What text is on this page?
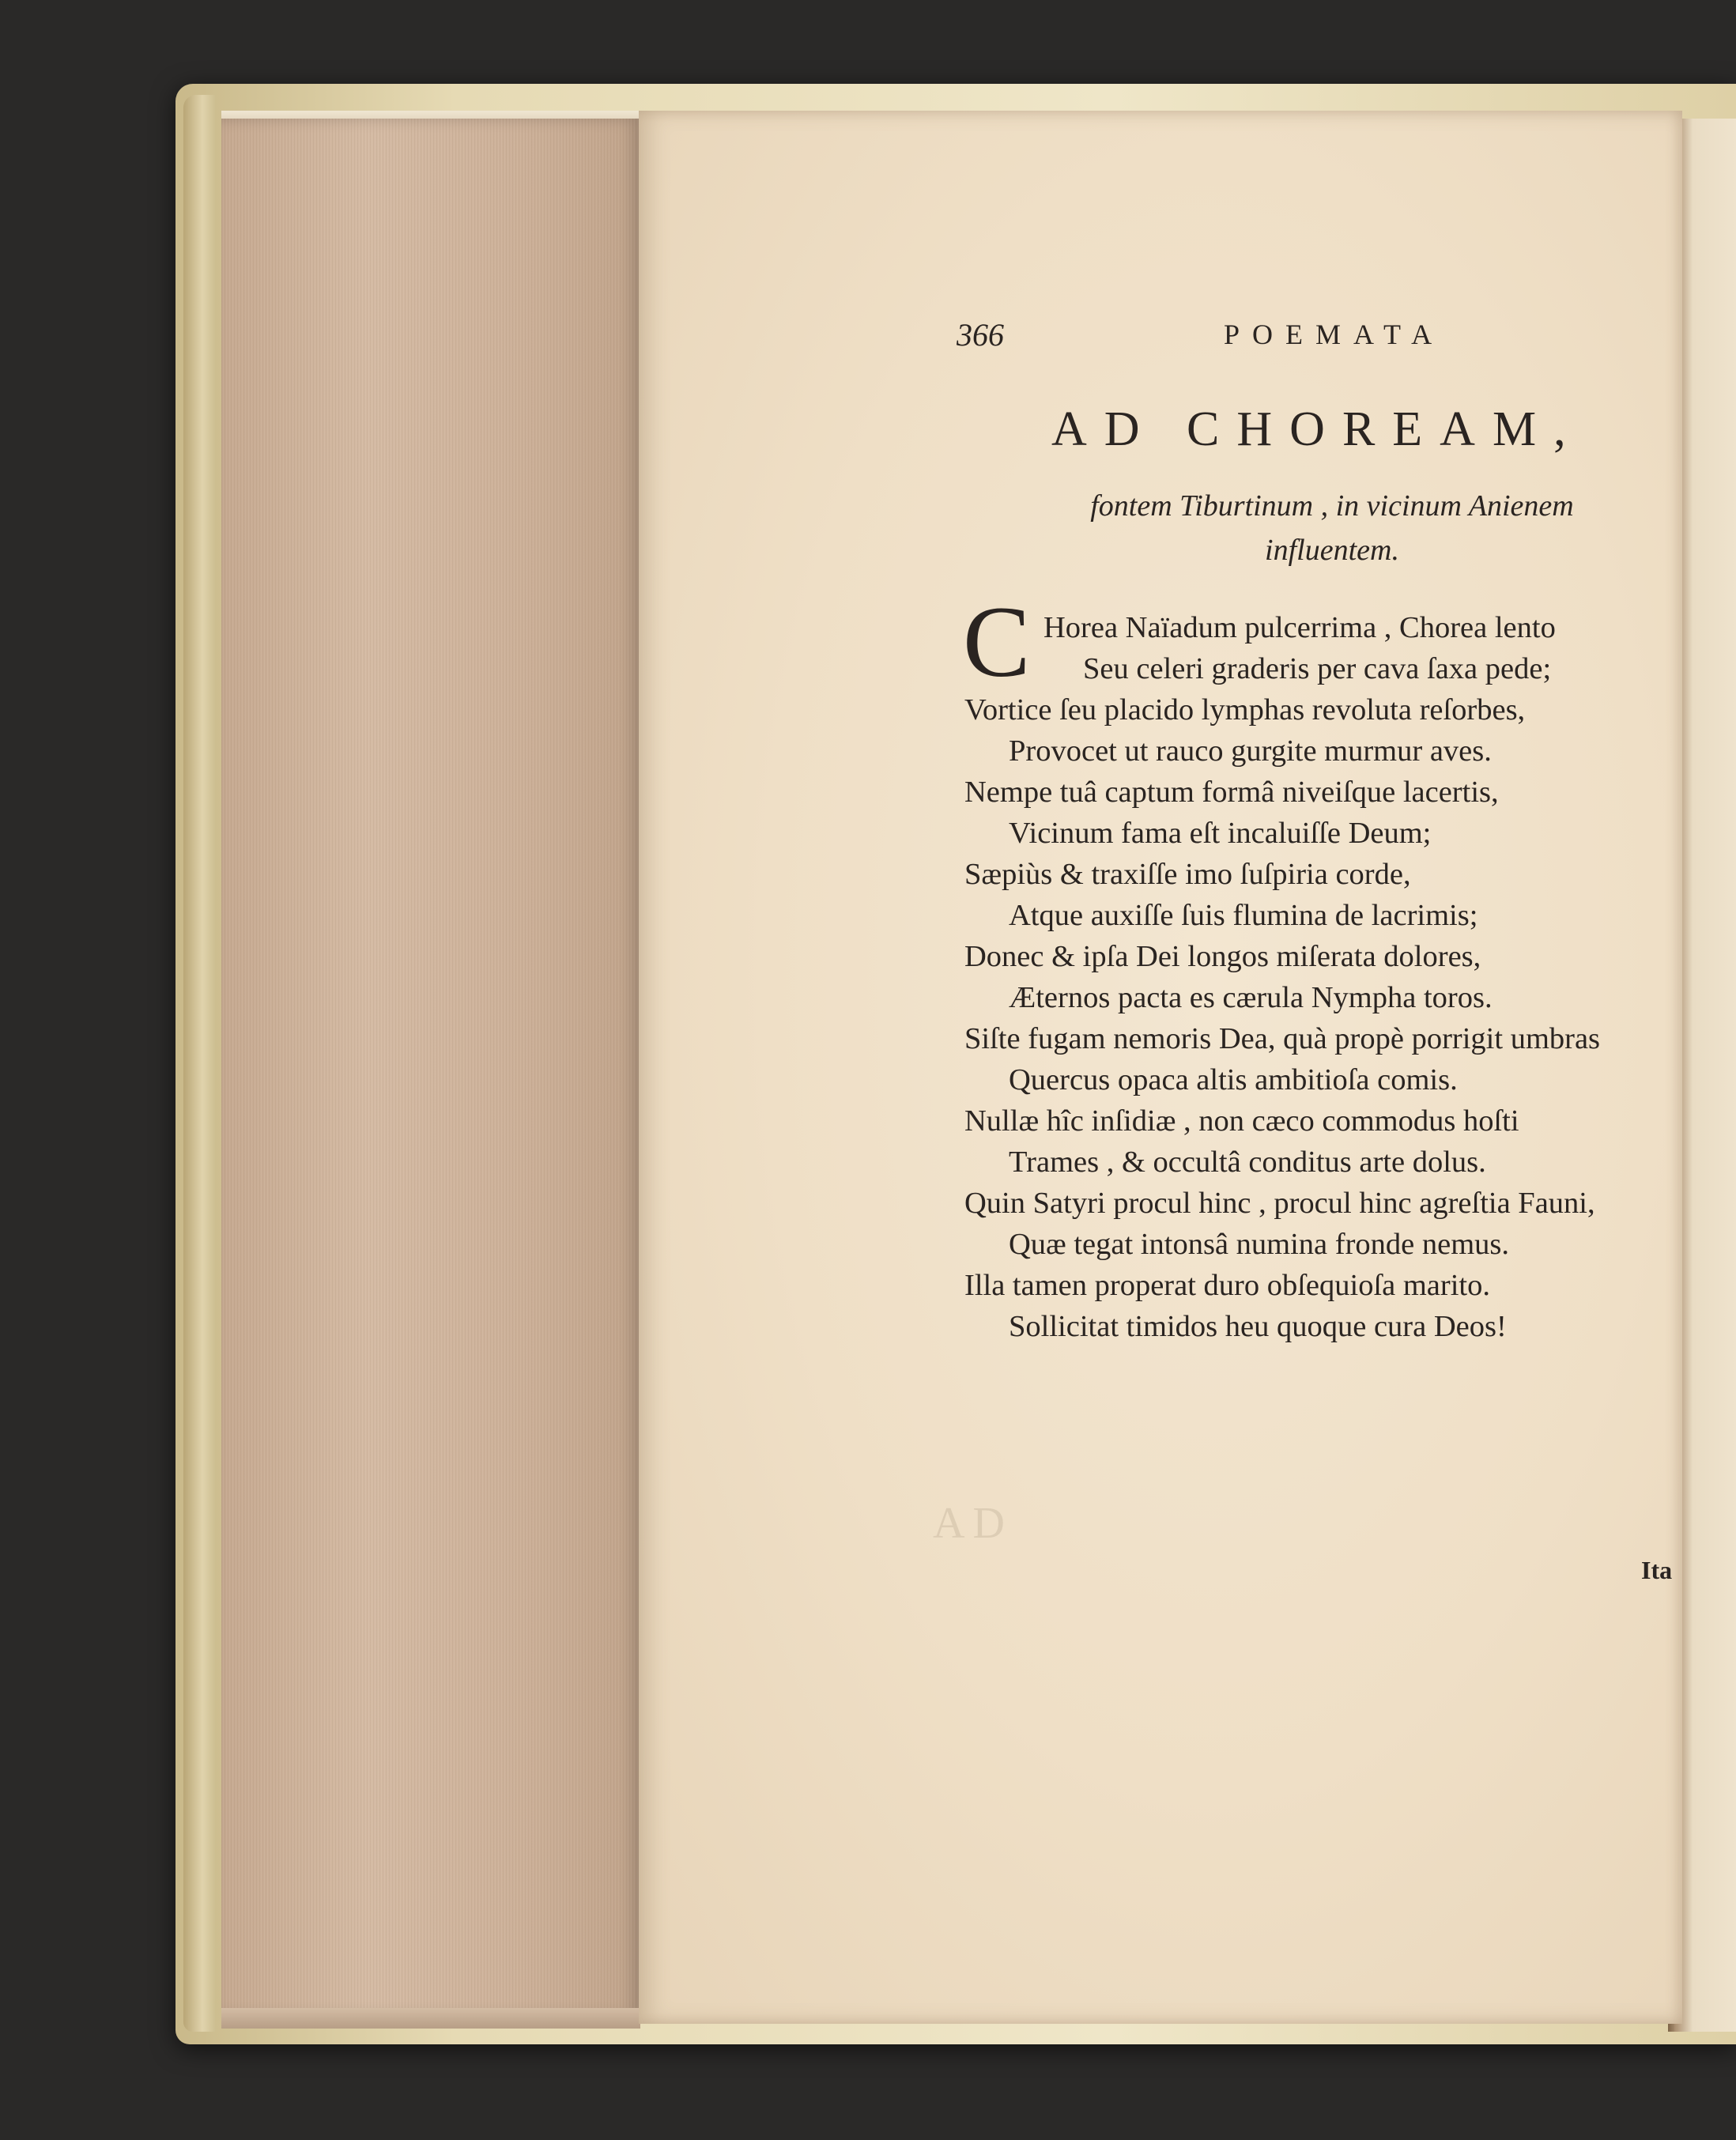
AD
366	POEMATA
AD CHOREAM,
fontem Tiburtinum , in vicinum Anienem
influentem.
C Horea Naïadum pulcerrima , Chorea lento
Seu celeri graderis per cava ſaxa pede;
Vortice ſeu placido lymphas revoluta reſorbes,
Provocet ut rauco gurgite murmur aves.
Nempe tuâ captum formâ niveiſque lacertis,
Vicinum fama eſt incaluiſſe Deum;
Sæpiùs & traxiſſe imo ſuſpiria corde,
Atque auxiſſe ſuis flumina de lacrimis;
Donec & ipſa Dei longos miſerata dolores,
Æternos pacta es cærula Nympha toros.
Siſte fugam nemoris Dea, quà propè porrigit umbras
Quercus opaca altis ambitioſa comis.
Nullæ hîc inſidiæ , non cæco commodus hoſti
Trames , & occultâ conditus arte dolus.
Quin Satyri procul hinc , procul hinc agreſtia Fauni,
Quæ tegat intonsâ numina fronde nemus.
Illa tamen properat duro obſequioſa marito.
Sollicitat timidos heu quoque cura Deos!
Ita
